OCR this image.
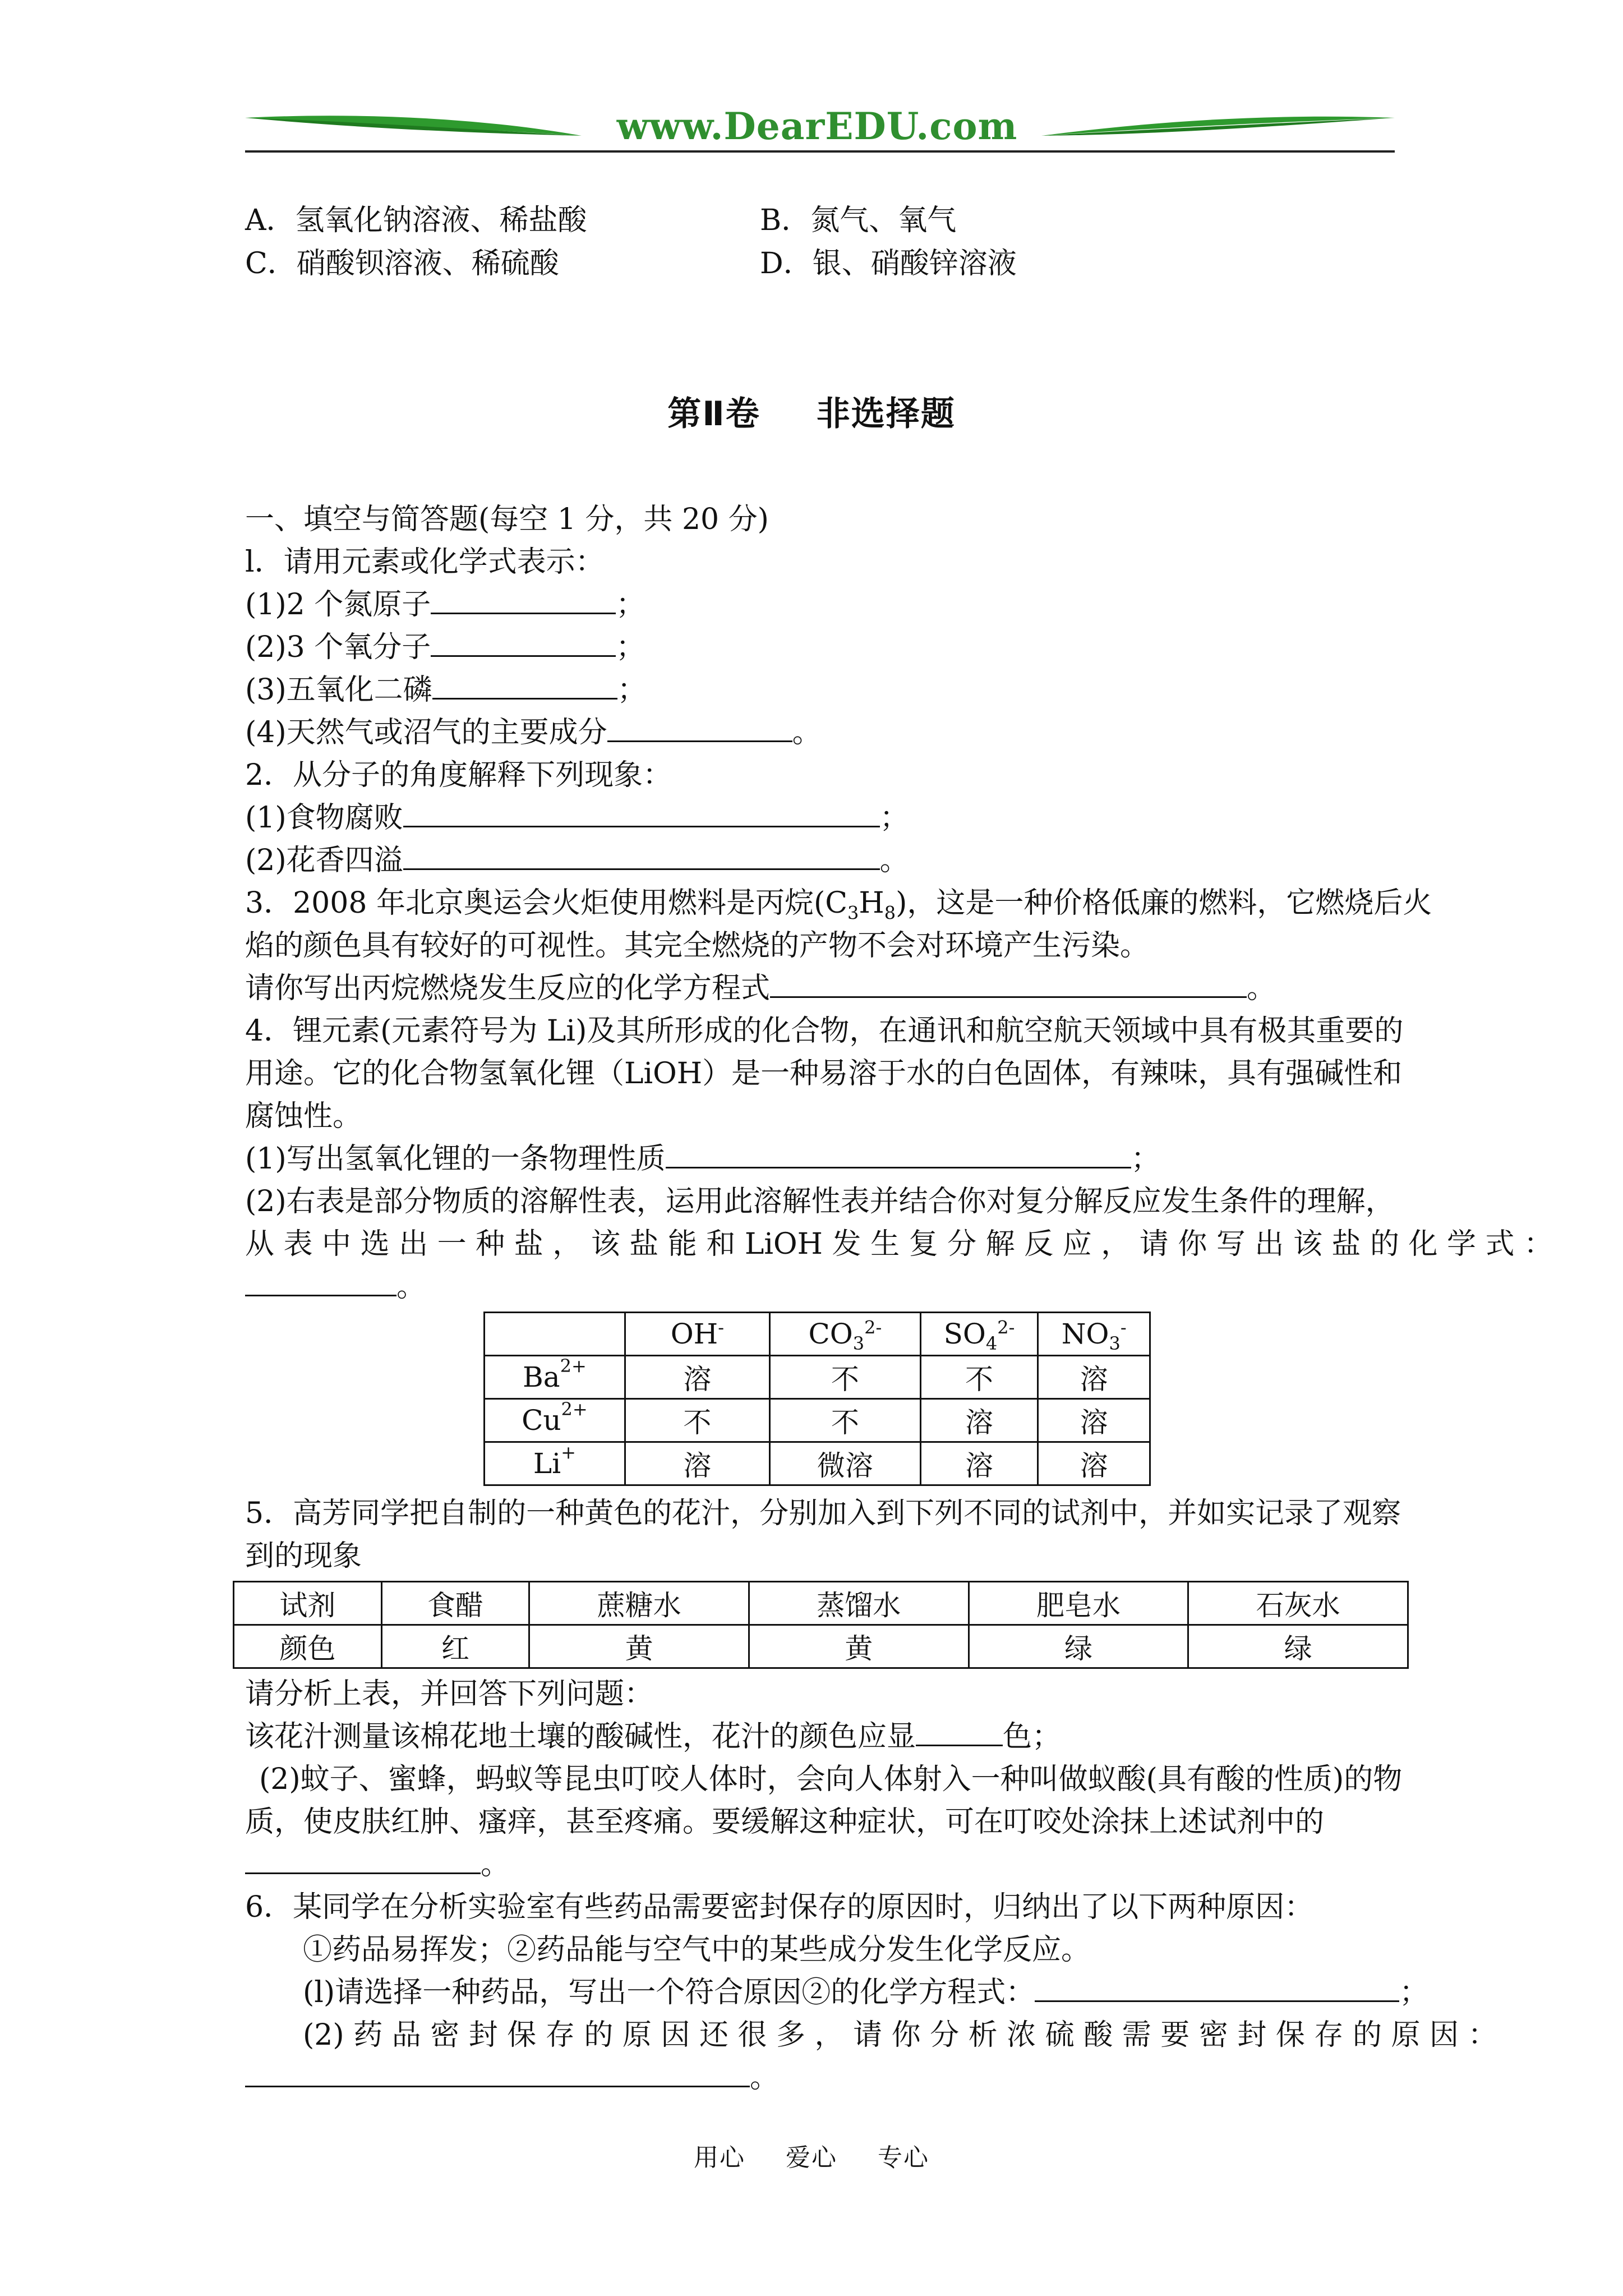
www.DearEDU.com
A．氢氧化钠溶液、稀盐酸	B．氮气、氧气
C．硝酸钡溶液、稀硫酸	D．银、硝酸锌溶液
第Ⅱ卷 非选择题
一、填空与简答题(每空 1 分，共 20 分)
l．请用元素或化学式表示：
(1)2 个氮原子	；
(2)3 个氧分子	；
(3)五氧化二磷	；
(4)天然气或沼气的主要成分	。
2．从分子的角度解释下列现象：
(1)食物腐败	；
(2)花香四溢	。
3．2008 年北京奥运会火炬使用燃料是丙烷$(C_3H_8)$，这是一种价格低廉的燃料，它燃烧后火
焰的颜色具有较好的可视性。其完全燃烧的产物不会对环境产生污染。
请你写出丙烷燃烧发生反应的化学方程式	。
4．锂元素(元素符号为 Li)及其所形成的化合物，在通讯和航空航天领域中具有极其重要的
用途。它的化合物氢氧化锂（LiOH）是一种易溶于水的白色固体，有辣味，具有强碱性和
腐蚀性。
(1)写出氢氧化锂的一条物理性质	；
(2)右表是部分物质的溶解性表，运用此溶解性表并结合你对复分解反应发生条件的理解，
从 表 中 选 出 一 种 盐 ， 该 盐 能 和 LiOH 发 生 复 分 解 反 应 ， 请 你 写 出 该 盐 的 化 学 式 ：
。
	OH-	$CO_3^{2-}$	$SO_4^{2-}$	$NO_3^-$
$Ba^{2+}$	溶	不	不	溶
$Cu^{2+}$	不	不	溶	溶
Li+	溶	微溶	溶	溶
5．高芳同学把自制的一种黄色的花汁，分别加入到下列不同的试剂中，并如实记录了观察
到的现象
试剂	食醋	蔗糖水	蒸馏水	肥皂水	石灰水
颜色	红	黄	黄	绿	绿
请分析上表，并回答下列问题：
该花汁测量该棉花地土壤的酸碱性，花汁的颜色应显	色；
(2)蚊子、蜜蜂，蚂蚁等昆虫叮咬人体时，会向人体射入一种叫做蚁酸(具有酸的性质)的物
质，使皮肤红肿、瘙痒，甚至疼痛。要缓解这种症状，可在叮咬处涂抹上述试剂中的
。
6．某同学在分析实验室有些药品需要密封保存的原因时，归纳出了以下两种原因：
①药品易挥发；②药品能与空气中的某些成分发生化学反应。
(l)请选择一种药品，写出一个符合原因②的化学方程式：	；
(2) 药 品 密 封 保 存 的 原 因 还 很 多 ， 请 你 分 析 浓 硫 酸 需 要 密 封 保 存 的 原 因 ：
。
用心 爱心 专心
